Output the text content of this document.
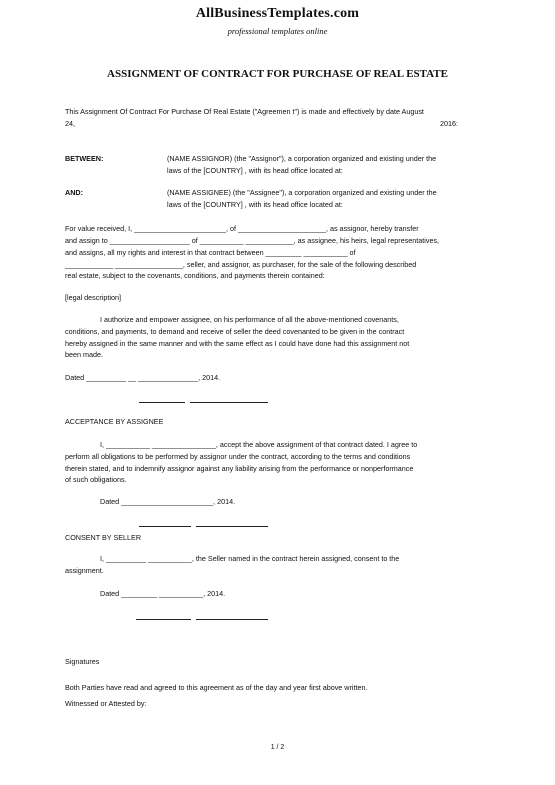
AllBusinessTemplates.com
professional templates online
ASSIGNMENT OF CONTRACT FOR PURCHASE OF REAL ESTATE
This Assignment Of Contract For Purchase Of Real Estate ("Agreemen t") is made and effectively by date August
24,	2016:
BETWEEN:	(NAME ASSIGNOR) (the "Assignor"), a corporation organized and existing under the
laws of the [COUNTRY] , with its head office located at:
AND:	(NAME ASSIGNEE) (the "Assignee"), a corporation organized and existing under the
laws of the [COUNTRY] , with its head office located at:
For value received, I, _______________________, of ______________________, as assignor, hereby transfer
and assign to ____________________ of ___________ ____________, as assignee, his heirs, legal representatives,
and assigns, all my rights and interest in that contract between _________ ___________ of
____________ _________________, seller, and assignor, as purchaser, for the sale of the following described
real estate, subject to the covenants, conditions, and payments therein contained:
[legal description]
I authorize and empower assignee, on his performance of all the above-mentioned covenants,
conditions, and payments, to demand and receive of seller the deed covenanted to be given in the contract
hereby assigned in the same manner and with the same effect as I could have done had this assignment not
been made.
Dated __________ __ _______________, 2014.
ACCEPTANCE BY ASSIGNEE
I, ___________ ________________, accept the above assignment of that contract dated. I agree to
perform all obligations to be performed by assignor under the contract, according to the terms and conditions
therein stated, and to indemnify assignor against any liability arising from the performance or nonperformance
of such obligations.
Dated _______________________, 2014.
CONSENT BY SELLER
I, __________ ___________, the Seller named in the contract herein assigned, consent to the
assignment.
Dated _________ ___________, 2014.
Signatures
Both Parties have read and agreed to this agreement as of the day and year first above written.
Witnessed or Attested by:
1 / 2
